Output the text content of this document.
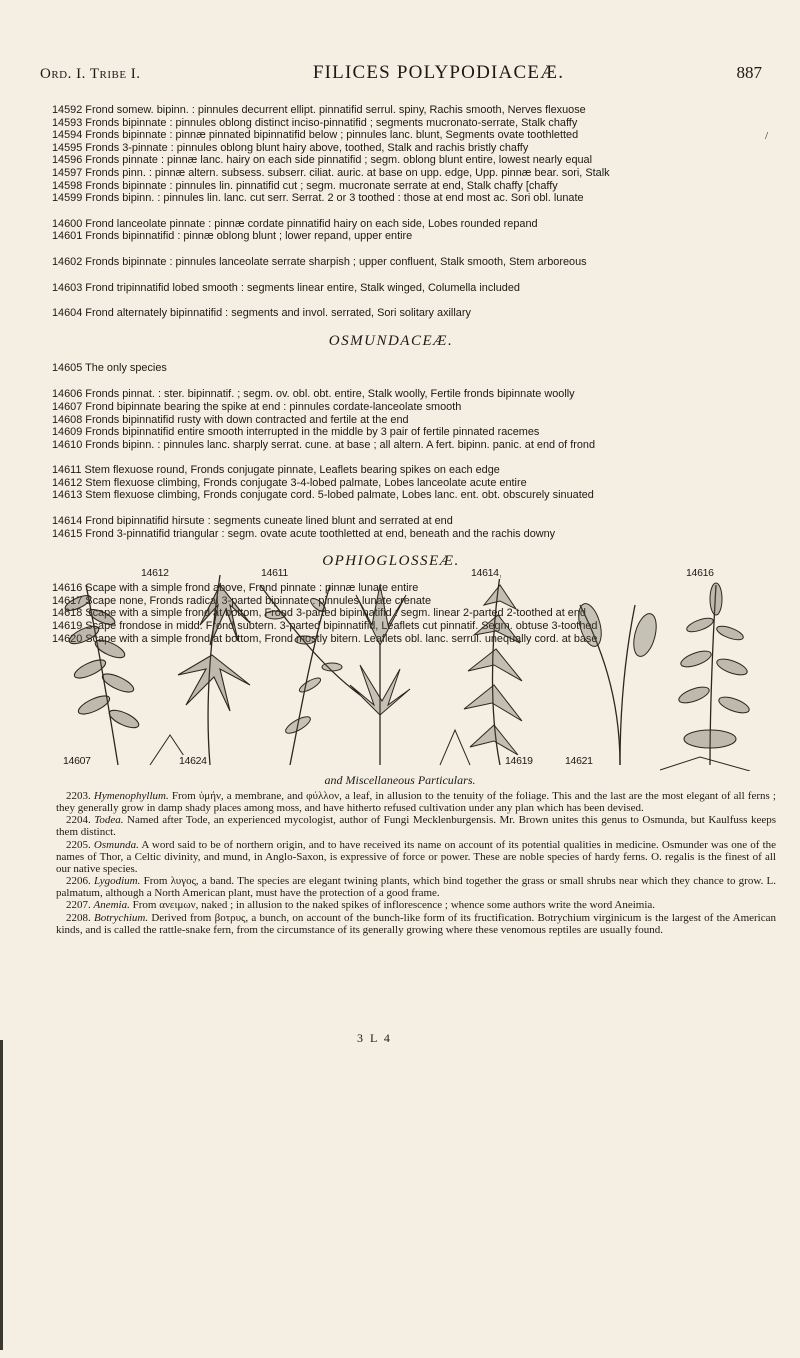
Ord. I. Tribe I.	FILICES POLYPODIACEÆ.	887
/
14592 Frond somew. bipinn. : pinnules decurrent ellipt. pinnatifid serrul. spiny, Rachis smooth, Nerves flexuose
14593 Fronds bipinnate : pinnules oblong distinct inciso-pinnatifid ; segments mucronato-serrate, Stalk chaffy
14594 Fronds bipinnate : pinnæ pinnated bipinnatifid below ; pinnules lanc. blunt, Segments ovate toothletted
14595 Fronds 3-pinnate : pinnules oblong blunt hairy above, toothed, Stalk and rachis bristly chaffy
14596 Fronds pinnate : pinnæ lanc. hairy on each side pinnatifid ; segm. oblong blunt entire, lowest nearly equal
14597 Fronds pinn. : pinnæ altern. subsess. subserr. ciliat. auric. at base on upp. edge, Upp. pinnæ bear. sori, Stalk
14598 Fronds bipinnate : pinnules lin. pinnatifid cut ; segm. mucronate serrate at end, Stalk chaffy [chaffy
14599 Fronds bipinn. : pinnules lin. lanc. cut serr. Serrat. 2 or 3 toothed : those at end most ac. Sori obl. lunate
14600 Frond lanceolate pinnate : pinnæ cordate pinnatifid hairy on each side, Lobes rounded repand
14601 Fronds bipinnatifid : pinnæ oblong blunt ; lower repand, upper entire
14602 Fronds bipinnate : pinnules lanceolate serrate sharpish ; upper confluent, Stalk smooth, Stem arboreous
14603 Frond tripinnatifid lobed smooth : segments linear entire, Stalk winged, Columella included
14604 Frond alternately bipinnatifid : segments and invol. serrated, Sori solitary axillary
OSMUNDACEÆ.
14605 The only species
14606 Fronds pinnat. : ster. bipinnatif. ; segm. ov. obl. obt. entire, Stalk woolly, Fertile fronds bipinnate woolly
14607 Frond bipinnate bearing the spike at end : pinnules cordate-lanceolate smooth
14608 Fronds bipinnatifid rusty with down contracted and fertile at the end
14609 Fronds bipinnatifid entire smooth interrupted in the middle by 3 pair of fertile pinnated racemes
14610 Fronds bipinn. : pinnules lanc. sharply serrat. cune. at base ; all altern. A fert. bipinn. panic. at end of frond
14611 Stem flexuose round, Fronds conjugate pinnate, Leaflets bearing spikes on each edge
14612 Stem flexuose climbing, Fronds conjugate 3-4-lobed palmate, Lobes lanceolate acute entire
14613 Stem flexuose climbing, Fronds conjugate cord. 5-lobed palmate, Lobes lanc. ent. obt. obscurely sinuated
14614 Frond bipinnatifid hirsute : segments cuneate lined blunt and serrated at end
14615 Frond 3-pinnatifid triangular : segm. ovate acute toothletted at end, beneath and the rachis downy
OPHIOGLOSSEÆ.
14616 Scape with a simple frond above, Frond pinnate : pinnæ lunate entire
14617 Scape none, Fronds radical 3-parted bipinnate : pinnules lunate crenate
14618 Scape with a simple frond at bottom, Frond 3-parted bipinnatifid : segm. linear 2-parted 2-toothed at end
14619 Scape frondose in midd. Frond subtern. 3-parted bipinnatifid, Leaflets cut pinnatif. Segm. obtuse 3-toothed
14620 Scape with a simple frond at bottom, Frond mostly bitern. Leaflets obl. lanc. serrul. unequally cord. at base
14612	14611	14614	14616
14607	14624	14619	14621
and Miscellaneous Particulars.

2203. Hymenophyllum. From ὑμήν, a membrane, and φύλλον, a leaf, in allusion to the tenuity of the foliage. This and the last are the most elegant of all ferns ; they generally grow in damp shady places among moss, and have hitherto refused cultivation under any plan which has been devised.

2204. Todea. Named after Tode, an experienced mycologist, author of Fungi Mecklenburgensis. Mr. Brown unites this genus to Osmunda, but Kaulfuss keeps them distinct.

2205. Osmunda. A word said to be of northern origin, and to have received its name on account of its potential qualities in medicine. Osmunder was one of the names of Thor, a Celtic divinity, and mund, in Anglo-Saxon, is expressive of force or power. These are noble species of hardy ferns. O. regalis is the finest of all our native species.

2206. Lygodium. From λυγος, a band. The species are elegant twining plants, which bind together the grass or small shrubs near which they chance to grow. L. palmatum, although a North American plant, must have the protection of a good frame.

2207. Anemia. From ανειμων, naked ; in allusion to the naked spikes of inflorescence ; whence some authors write the word Aneimia.

2208. Botrychium. Derived from βοτρυς, a bunch, on account of the bunch-like form of its fructification. Botrychium virginicum is the largest of the American kinds, and is called the rattle-snake fern, from the circumstance of its generally growing where these venomous reptiles are usually found.

3 L 4
